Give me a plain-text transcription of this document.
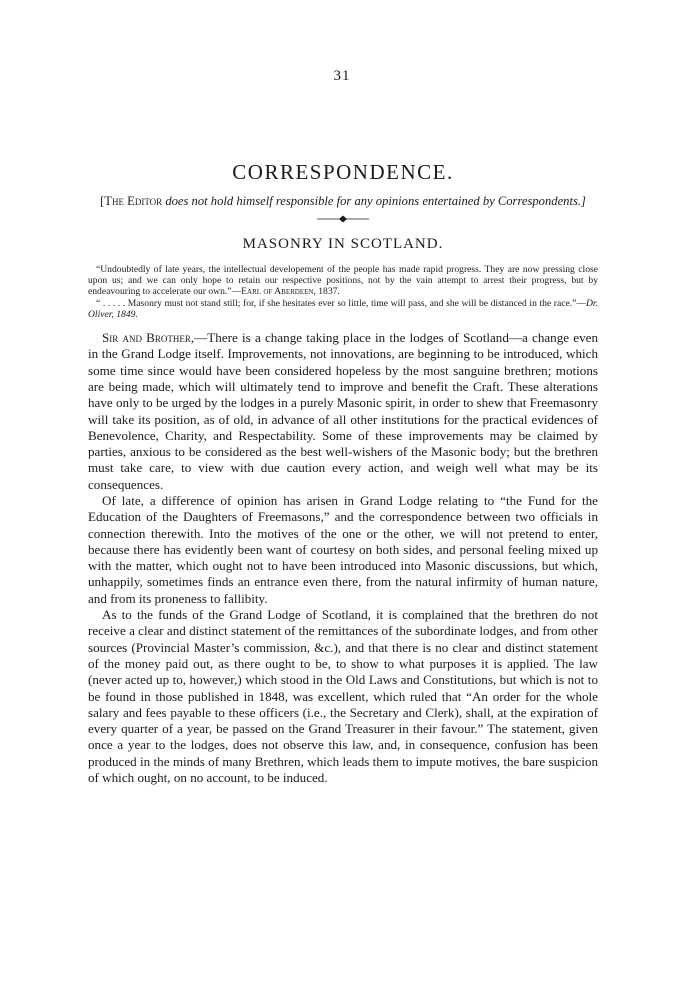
31
CORRESPONDENCE.

[The Editor does not hold himself responsible for any opinions entertained by Correspondents.]

MASONRY IN SCOTLAND.

“Undoubtedly of late years, the intellectual developement of the people has made rapid progress. They are now pressing close upon us; and we can only hope to retain our respective positions, not by the vain attempt to arrest their progress, but by endeavouring to accelerate our own.”—Earl of Aberdeen, 1837.

“ . . . . . Masonry must not stand still; for, if she hesitates ever so little, time will pass, and she will be distanced in the race.”—Dr. Oliver, 1849.

Sir and Brother,—There is a change taking place in the lodges of Scotland—a change even in the Grand Lodge itself. Improvements, not innovations, are beginning to be introduced, which some time since would have been considered hopeless by the most sanguine brethren; motions are being made, which will ultimately tend to improve and benefit the Craft. These alterations have only to be urged by the lodges in a purely Masonic spirit, in order to shew that Freemasonry will take its position, as of old, in advance of all other institutions for the practical evidences of Benevolence, Charity, and Respectability. Some of these improvements may be claimed by parties, anxious to be considered as the best well-wishers of the Masonic body; but the brethren must take care, to view with due caution every action, and weigh well what may be its consequences.

Of late, a difference of opinion has arisen in Grand Lodge relating to “the Fund for the Education of the Daughters of Freemasons,” and the correspondence between two officials in connection therewith. Into the motives of the one or the other, we will not pretend to enter, because there has evidently been want of courtesy on both sides, and personal feeling mixed up with the matter, which ought not to have been introduced into Masonic discussions, but which, unhappily, sometimes finds an entrance even there, from the natural infirmity of human nature, and from its proneness to fallibity.

As to the funds of the Grand Lodge of Scotland, it is complained that the brethren do not receive a clear and distinct statement of the remittances of the subordinate lodges, and from other sources (Provincial Master’s commission, &c.), and that there is no clear and distinct statement of the money paid out, as there ought to be, to show to what purposes it is applied. The law (never acted up to, however,) which stood in the Old Laws and Constitutions, but which is not to be found in those published in 1848, was excellent, which ruled that “An order for the whole salary and fees payable to these officers (i.e., the Secretary and Clerk), shall, at the expiration of every quarter of a year, be passed on the Grand Treasurer in their favour.” The statement, given once a year to the lodges, does not observe this law, and, in consequence, confusion has been produced in the minds of many Brethren, which leads them to impute motives, the bare suspicion of which ought, on no account, to be induced.
